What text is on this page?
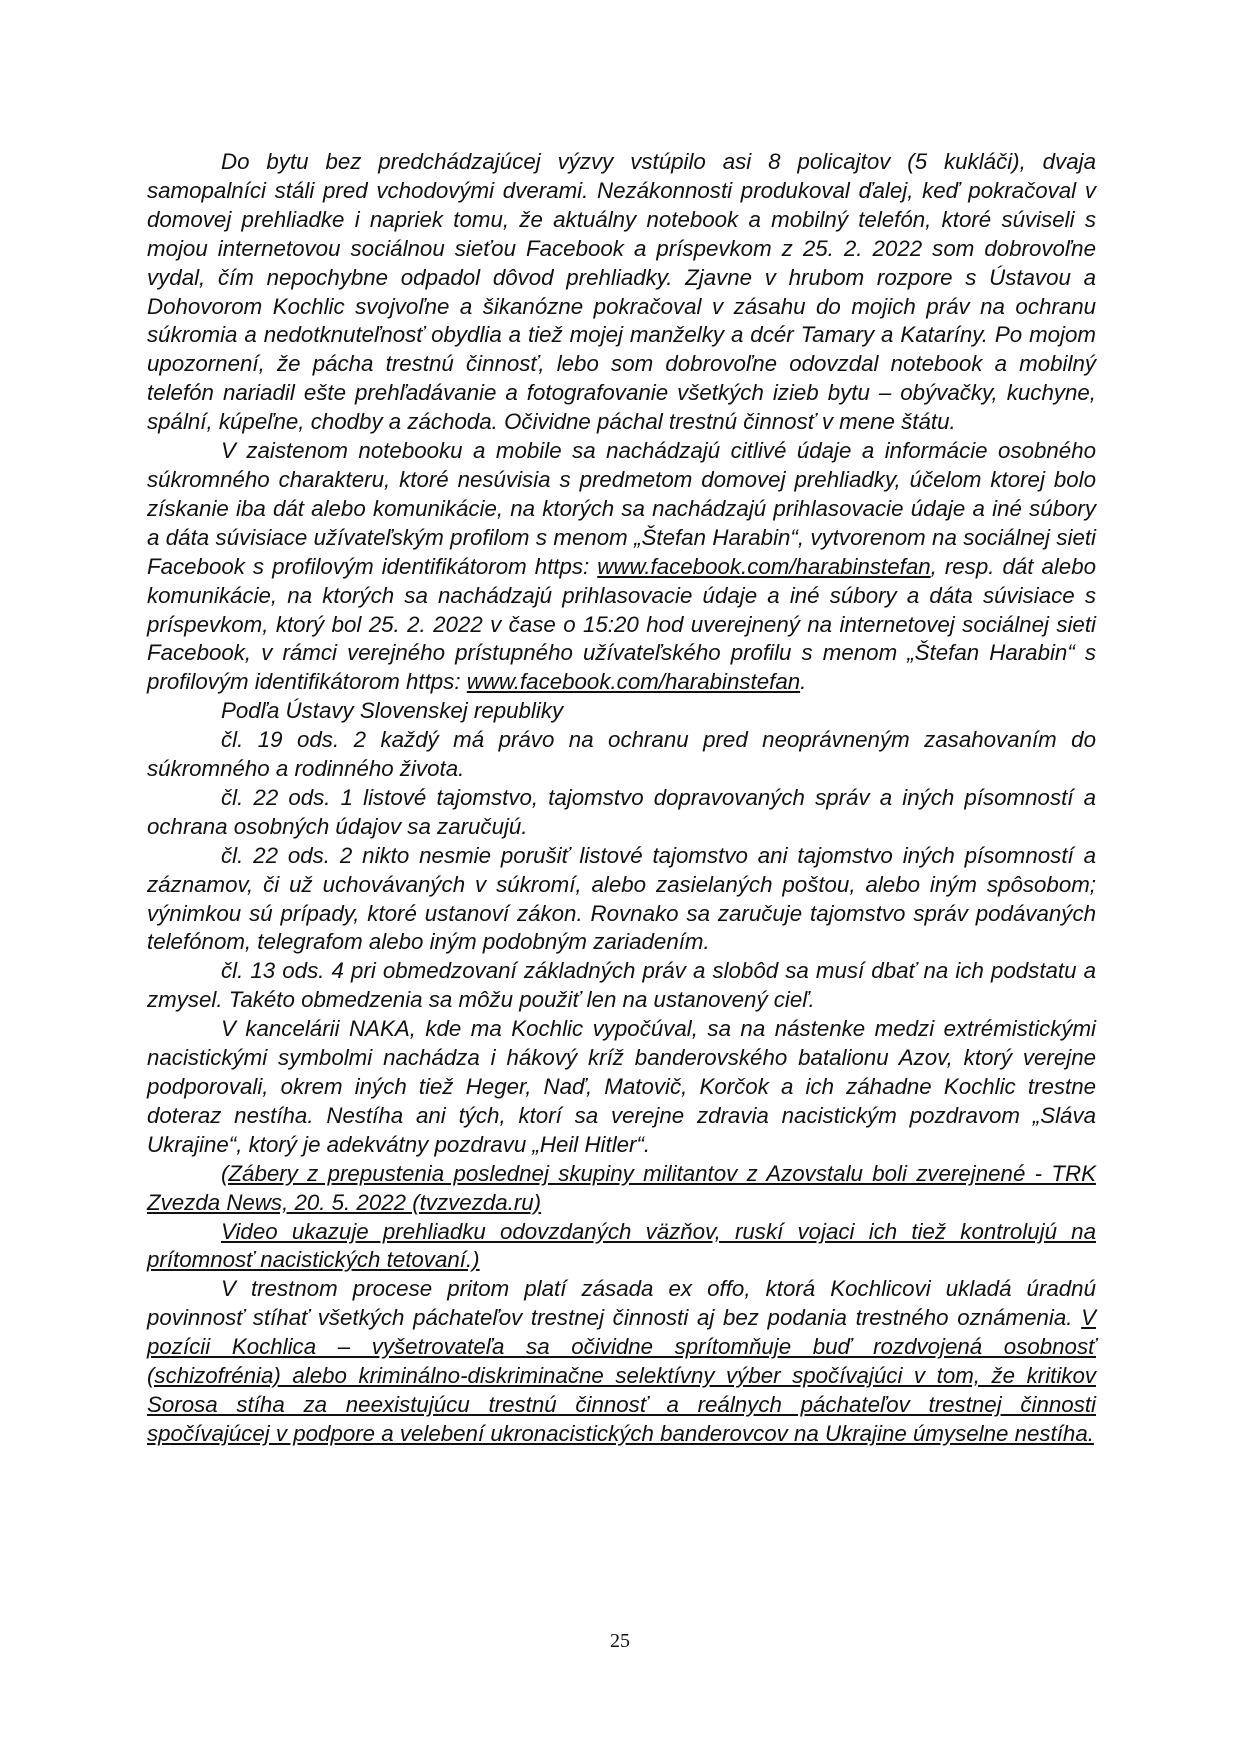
Do bytu bez predchádzajúcej výzvy vstúpilo asi 8 policajtov (5 kukláči), dvaja samopalníci stáli pred vchodovými dverami. Nezákonnosti produkoval ďalej, keď pokračoval v domovej prehliadke i napriek tomu, že aktuálny notebook a mobilný telefón, ktoré súviseli s mojou internetovou sociálnou sieťou Facebook a príspevkom z 25. 2. 2022 som dobrovoľne vydal, čím nepochybne odpadol dôvod prehliadky. Zjavne v hrubom rozpore s Ústavou a Dohovorom Kochlic svojvoľne a šikanózne pokračoval v zásahu do mojich práv na ochranu súkromia a nedotknuteľnosť obydlia a tiež mojej manželky a dcér Tamary a Kataríny. Po mojom upozornení, že pácha trestnú činnosť, lebo som dobrovoľne odovzdal notebook a mobilný telefón nariadil ešte prehľadávanie a fotografovanie všetkých izieb bytu – obývačky, kuchyne, spální, kúpeľne, chodby a záchoda. Očividne páchal trestnú činnosť v mene štátu.

V zaistenom notebooku a mobile sa nachádzajú citlivé údaje a informácie osobného súkromného charakteru, ktoré nesúvisia s predmetom domovej prehliadky, účelom ktorej bolo získanie iba dát alebo komunikácie, na ktorých sa nachádzajú prihlasovacie údaje a iné súbory a dáta súvisiace užívateľským profilom s menom „Štefan Harabin“, vytvorenom na sociálnej sieti Facebook s profilovým identifikátorom https: www.facebook.com/harabinstefan, resp. dát alebo komunikácie, na ktorých sa nachádzajú prihlasovacie údaje a iné súbory a dáta súvisiace s príspevkom, ktorý bol 25. 2. 2022 v čase o 15:20 hod uverejnený na internetovej sociálnej sieti Facebook, v rámci verejného prístupného užívateľského profilu s menom „Štefan Harabin“ s profilovým identifikátorom https: www.facebook.com/harabinstefan.

Podľa Ústavy Slovenskej republiky

čl. 19 ods. 2 každý má právo na ochranu pred neoprávneným zasahovaním do súkromného a rodinného života.

čl. 22 ods. 1 listové tajomstvo, tajomstvo dopravovaných správ a iných písomností a ochrana osobných údajov sa zaručujú.

čl. 22 ods. 2 nikto nesmie porušiť listové tajomstvo ani tajomstvo iných písomností a záznamov, či už uchovávaných v súkromí, alebo zasielaných poštou, alebo iným spôsobom; výnimkou sú prípady, ktoré ustanoví zákon. Rovnako sa zaručuje tajomstvo správ podávaných telefónom, telegrafom alebo iným podobným zariadením.

čl. 13 ods. 4 pri obmedzovaní základných práv a slobôd sa musí dbať na ich podstatu a zmysel. Takéto obmedzenia sa môžu použiť len na ustanovený cieľ.

V kancelárii NAKA, kde ma Kochlic vypočúval, sa na nástenke medzi extrémistickými nacistickými symbolmi nachádza i hákový kríž banderovského batalionu Azov, ktorý verejne podporovali, okrem iných tiež Heger, Naď, Matovič, Korčok a ich záhadne Kochlic trestne doteraz nestíha. Nestíha ani tých, ktorí sa verejne zdravia nacistickým pozdravom „Sláva Ukrajine“, ktorý je adekvátny pozdravu „Heil Hitler“.

(Zábery z prepustenia poslednej skupiny militantov z Azovstalu boli zverejnené - TRK Zvezda News, 20. 5. 2022 (tvzvezda.ru)

Video ukazuje prehliadku odovzdaných väzňov, ruskí vojaci ich tiež kontrolujú na prítomnosť nacistických tetovaní.)

V trestnom procese pritom platí zásada ex offo, ktorá Kochlicovi ukladá úradnú povinnosť stíhať všetkých páchateľov trestnej činnosti aj bez podania trestného oznámenia. V pozícii Kochlica – vyšetrovateľa sa očividne sprítomňuje buď rozdvojená osobnosť (schizofrénia) alebo kriminálno-diskriminačne selektívny výber spočívajúci v tom, že kritikov Sorosa stíha za neexistujúcu trestnú činnosť a reálnych páchateľov trestnej činnosti spočívajúcej v podpore a velebení ukronacistických banderovcov na Ukrajine úmyselne nestíha.

25
